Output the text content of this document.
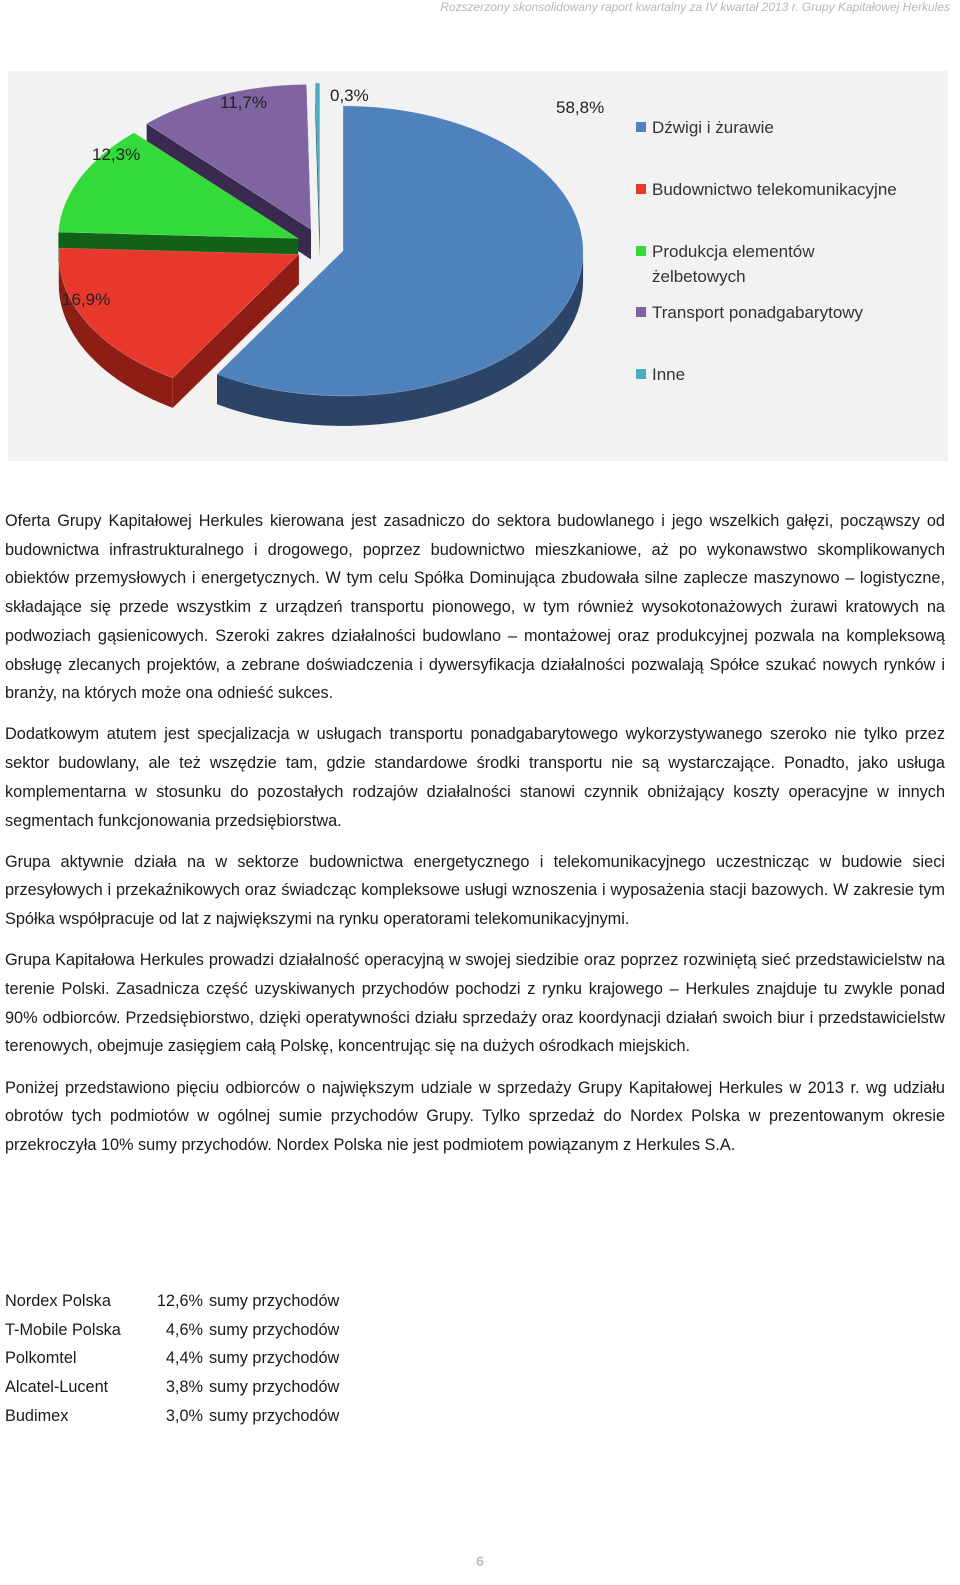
Rozszerzony skonsolidowany raport kwartalny za IV kwartał 2013 r. Grupy Kapitałowej Herkules
58,8%
16,9%
12,3%
11,7%	0,3%
Dźwigi i żurawie
Budownictwo telekomunikacyjne
Produkcja elementów żelbetowych
Transport ponadgabarytowy
Inne

Oferta Grupy Kapitałowej Herkules kierowana jest zasadniczo do sektora budowlanego i jego wszelkich gałęzi, począwszy od budownictwa infrastrukturalnego i drogowego, poprzez budownictwo mieszkaniowe, aż po wykonawstwo skomplikowanych obiektów przemysłowych i energetycznych. W tym celu Spółka Dominująca zbudowała silne zaplecze maszynowo – logistyczne, składające się przede wszystkim z urządzeń transportu pionowego, w tym również wysokotonażowych żurawi kratowych na podwoziach gąsienicowych. Szeroki zakres działalności budowlano – montażowej oraz produkcyjnej pozwala na kompleksową obsługę zlecanych projektów, a zebrane doświadczenia i dywersyfikacja działalności pozwalają Spółce szukać nowych rynków i branży, na których może ona odnieść sukces.

Dodatkowym atutem jest specjalizacja w usługach transportu ponadgabarytowego wykorzystywanego szeroko nie tylko przez sektor budowlany, ale też wszędzie tam, gdzie standardowe środki transportu nie są wystarczające. Ponadto, jako usługa komplementarna w stosunku do pozostałych rodzajów działalności stanowi czynnik obniżający koszty operacyjne w innych segmentach funkcjonowania przedsiębiorstwa.

Grupa aktywnie działa na w sektorze budownictwa energetycznego i telekomunikacyjnego uczestnicząc w budowie sieci przesyłowych i przekaźnikowych oraz świadcząc kompleksowe usługi wznoszenia i wyposażenia stacji bazowych. W zakresie tym Spółka współpracuje od lat z największymi na rynku operatorami telekomunikacyjnymi.

Grupa Kapitałowa Herkules prowadzi działalność operacyjną w swojej siedzibie oraz poprzez rozwiniętą sieć przedstawicielstw na terenie Polski. Zasadnicza część uzyskiwanych przychodów pochodzi z rynku krajowego – Herkules znajduje tu zwykle ponad 90% odbiorców. Przedsiębiorstwo, dzięki operatywności działu sprzedaży oraz koordynacji działań swoich biur i przedstawicielstw terenowych, obejmuje zasięgiem całą Polskę, koncentrując się na dużych ośrodkach miejskich.

Poniżej przedstawiono pięciu odbiorców o największym udziale w sprzedaży Grupy Kapitałowej Herkules w 2013 r. wg udziału obrotów tych podmiotów w ogólnej sumie przychodów Grupy. Tylko sprzedaż do Nordex Polska w prezentowanym okresie przekroczyła 10% sumy przychodów. Nordex Polska nie jest podmiotem powiązanym z Herkules S.A.

Nordex Polska	12,6% sumy przychodów
T-Mobile Polska	4,6% sumy przychodów
Polkomtel	4,4% sumy przychodów
Alcatel-Lucent	3,8% sumy przychodów
Budimex	3,0% sumy przychodów
6
